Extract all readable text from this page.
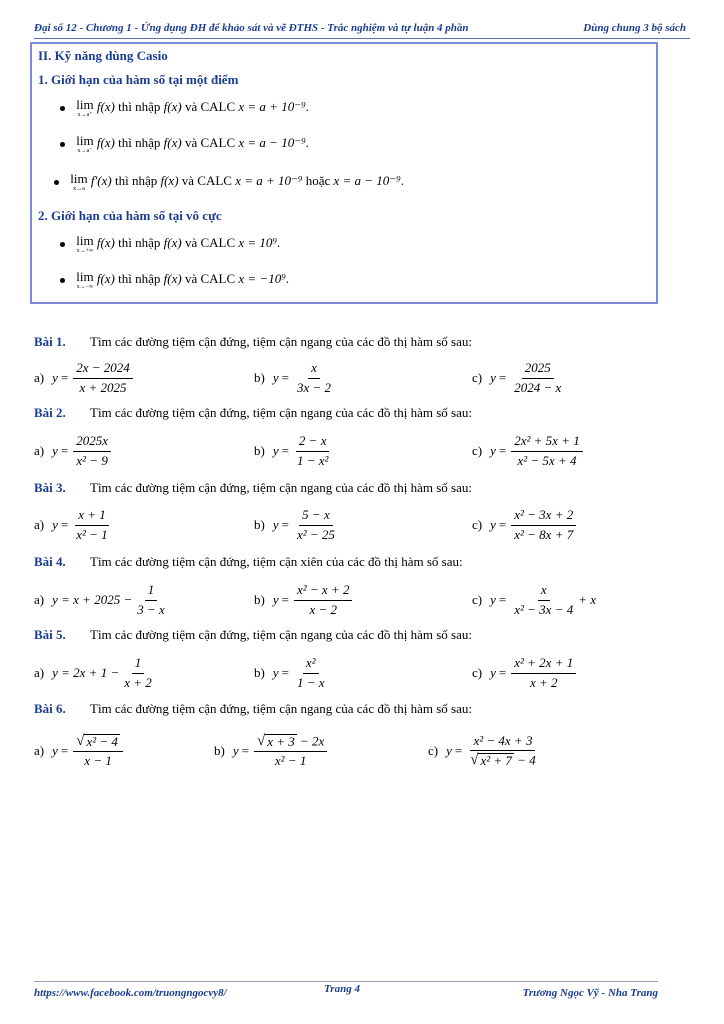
Đại số 12 - Chương 1 - Ứng dụng ĐH để khảo sát và vẽ ĐTHS - Trắc nghiệm và tự luận 4 phần	Dùng chung 3 bộ sách
II. Kỹ năng dùng Casio
1. Giới hạn của hàm số tại một điểm
lim
x→a⁺
f(x) thì nhập f(x) và CALC x = a + 10⁻⁹.
lim
x→a⁻
f(x) thì nhập f(x) và CALC x = a − 10⁻⁹.
lim
x→a
f′(x) thì nhập f(x) và CALC x = a + 10⁻⁹ hoặc x = a − 10⁻⁹.
2. Giới hạn của hàm số tại vô cực
lim
x→+∞
f(x) thì nhập f(x) và CALC x = 10⁹.
lim
x→−∞
f(x) thì nhập f(x) và CALC x = −10⁹.
Bài 1. Tìm các đường tiệm cận đứng, tiệm cận ngang của các đồ thị hàm số sau:
a) $y = \frac{2x - 2024}{x + 2025}$	b) $y = \frac{x}{3x - 2}$	c) $y = \frac{2025}{2024 - x}$
Bài 2. Tìm các đường tiệm cận đứng, tiệm cận ngang của các đồ thị hàm số sau:
a) $y = \frac{2025x}{\text{x² − 9}}$	b) $y = \frac{2 - x}{\text{1 − x²}}$	c) $y = \frac{\text{2x² + 5x + 1}}{\text{x² − 5x + 4}}$
Bài 3. Tìm các đường tiệm cận đứng, tiệm cận ngang của các đồ thị hàm số sau:
a) $y = \frac{x + 1}{\text{x² − 1}}$	b) $y = \frac{5 - x}{\text{x² − 25}}$	c) $y = \frac{\text{x² − 3x + 2}}{\text{x² − 8x + 7}}$
Bài 4. Tìm các đường tiệm cận đứng, tiệm cận xiên của các đồ thị hàm số sau:
a) $y = x + 2025 - \frac{1}{3 - x}$	b) $y = \frac{\text{x² − x + 2}}{x - 2}$	c) $y = \frac{x}{\text{x² − 3x − 4}} + x$
Bài 5. Tìm các đường tiệm cận đứng, tiệm cận ngang của các đồ thị hàm số sau:
a) $y = 2x + 1 - \frac{1}{x + 2}$	b) $y = \frac{\text{x²}}{1 - x}$	c) $y = \frac{\text{x² + 2x + 1}}{x + 2}$
Bài 6. Tìm các đường tiệm cận đứng, tiệm cận ngang của các đồ thị hàm số sau:
a) $y = \frac{\text{√ x² − 4}}{x - 1}$	b) $y = \frac{√ x + 3 - 2x}{\text{x² − 1}}$	c) $y = \frac{\text{x² − 4x + 3}}{\text{√ x² + 7 − 4}}$
https://www.facebook.com/truongngocvy8/	Trang 4	Trương Ngọc Vỹ - Nha Trang
